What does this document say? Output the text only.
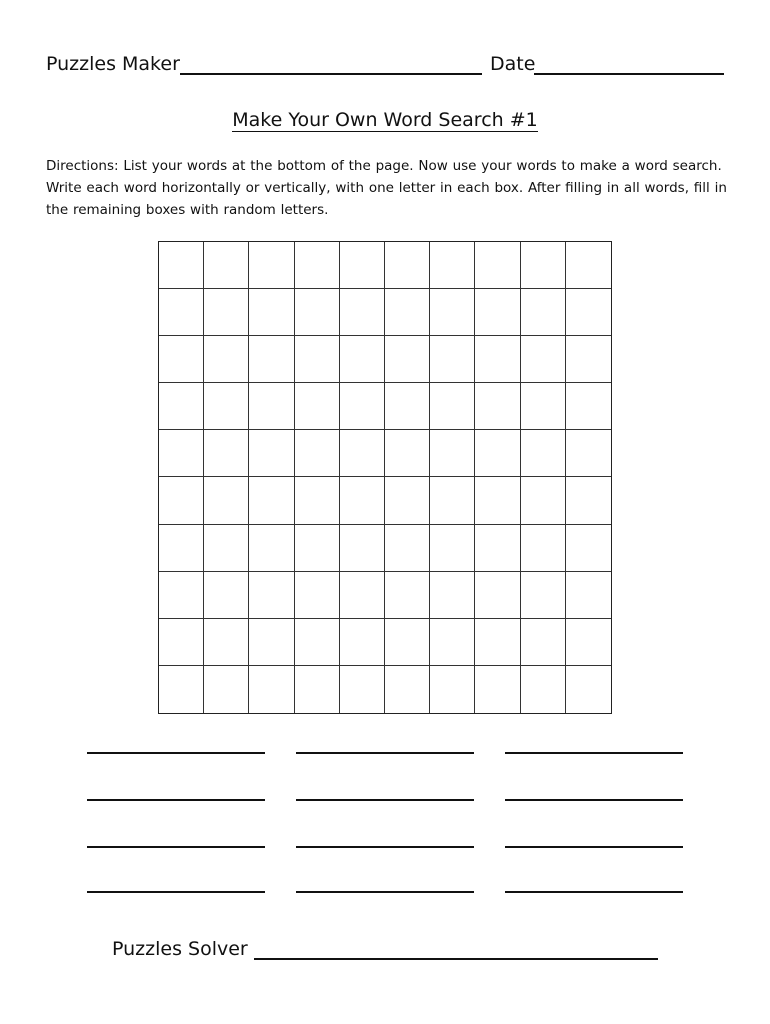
Puzzles Maker	Date
Make Your Own Word Search #1
Directions: List your words at the bottom of the page. Now use your words to make a word search. Write each word horizontally or vertically, with one letter in each box. After filling in all words, fill in the remaining boxes with random letters.
Puzzles Solver
